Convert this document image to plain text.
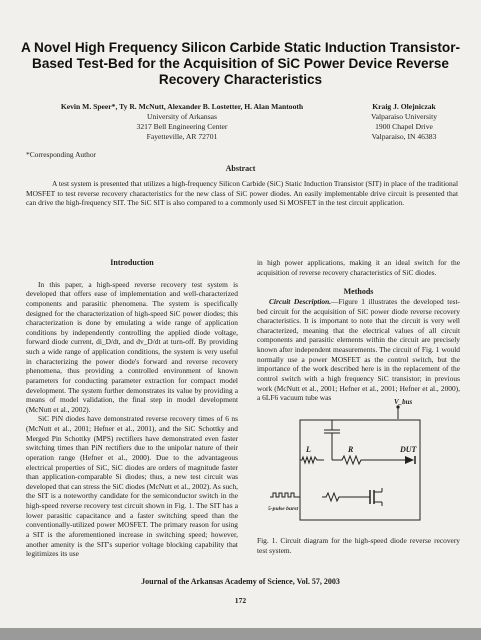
A Novel High Frequency Silicon Carbide Static Induction Transistor-Based Test-Bed for the Acquisition of SiC Power Device Reverse Recovery Characteristics
Kevin M. Speer*, Ty R. McNutt, Alexander B. Lostetter, H. Alan Mantooth
University of Arkansas
3217 Bell Engineering Center
Fayetteville, AR 72701
Kraig J. Olejniczak
Valparaiso University
1900 Chapel Drive
Valparaiso, IN 46383
*Corresponding Author
Abstract
A test system is presented that utilizes a high-frequency Silicon Carbide (SiC) Static Induction Transistor (SIT) in place of the traditional MOSFET to test reverse recovery characteristics for the new class of SiC power diodes. An easily implementable drive circuit is presented that can drive the high-frequency SIT. The SiC SIT is also compared to a commonly used Si MOSFET in the test circuit application.

Introduction

In this paper, a high-speed reverse recovery test system is developed that offers ease of implementation and well-characterized components and parasitic phenomena. The system is specifically designed for the characterization of high-speed SiC power diodes; this characterization is done by emulating a wide range of application conditions by independently controlling the applied diode voltage, forward diode current, di_D/dt, and dv_D/dt at turn-off. By providing such a wide range of application conditions, the system is very useful in characterizing the power diode's forward and reverse recovery phenomena, thus providing a controlled environment of known parameters for conducting parameter extraction for compact model development. The system further demonstrates its value by providing a means of model validation, the final step in model development (McNutt et al., 2002).

SiC PiN diodes have demonstrated reverse recovery times of 6 ns (McNutt et al., 2001; Hefner et al., 2001), and the SiC Schottky and Merged Pin Schottky (MPS) rectifiers have demonstrated even faster switching times than PiN rectifiers due to the unipolar nature of their operation range (Hefner et al., 2000). Due to the advantageous electrical properties of SiC, SiC diodes are orders of magnitude faster than application-comparable Si diodes; thus, a new test circuit was developed that can stress the SiC diodes (McNutt et al., 2002). As such, the SIT is a noteworthy candidate for the semiconductor switch in the high-speed reverse recovery test circuit shown in Fig. 1. The SIT has a lower parasitic capacitance and a faster switching speed than the conventionally-utilized power MOSFET. The primary reason for using a SIT is the aforementioned increase in switching speed; however, another amenity is the SIT's superior voltage blocking capability that legitimizes its use

in high power applications, making it an ideal switch for the acquisition of reverse recovery characteristics of SiC diodes.

Methods

Circuit Description.—Figure 1 illustrates the developed test-bed circuit for the acquisition of SiC power diode reverse recovery characteristics. It is important to note that the circuit is very well characterized, meaning that the electrical values of all circuit components and parasitic elements within the circuit are precisely known after independent measurements. The circuit of Fig. 1 would normally use a power MOSFET as the control switch, but the importance of the work described here is in the replacement of the control switch with a high frequency SiC transistor; in previous work (McNutt et al., 2001; Hefner et al., 2001; Hefner et al., 2000), a 6LF6 vacuum tube was	V_bus
L	R	DUT
5-pulse burst
Fig. 1. Circuit diagram for the high-speed diode reverse recovery test system.
Journal of the Arkansas Academy of Science, Vol. 57, 2003
172
